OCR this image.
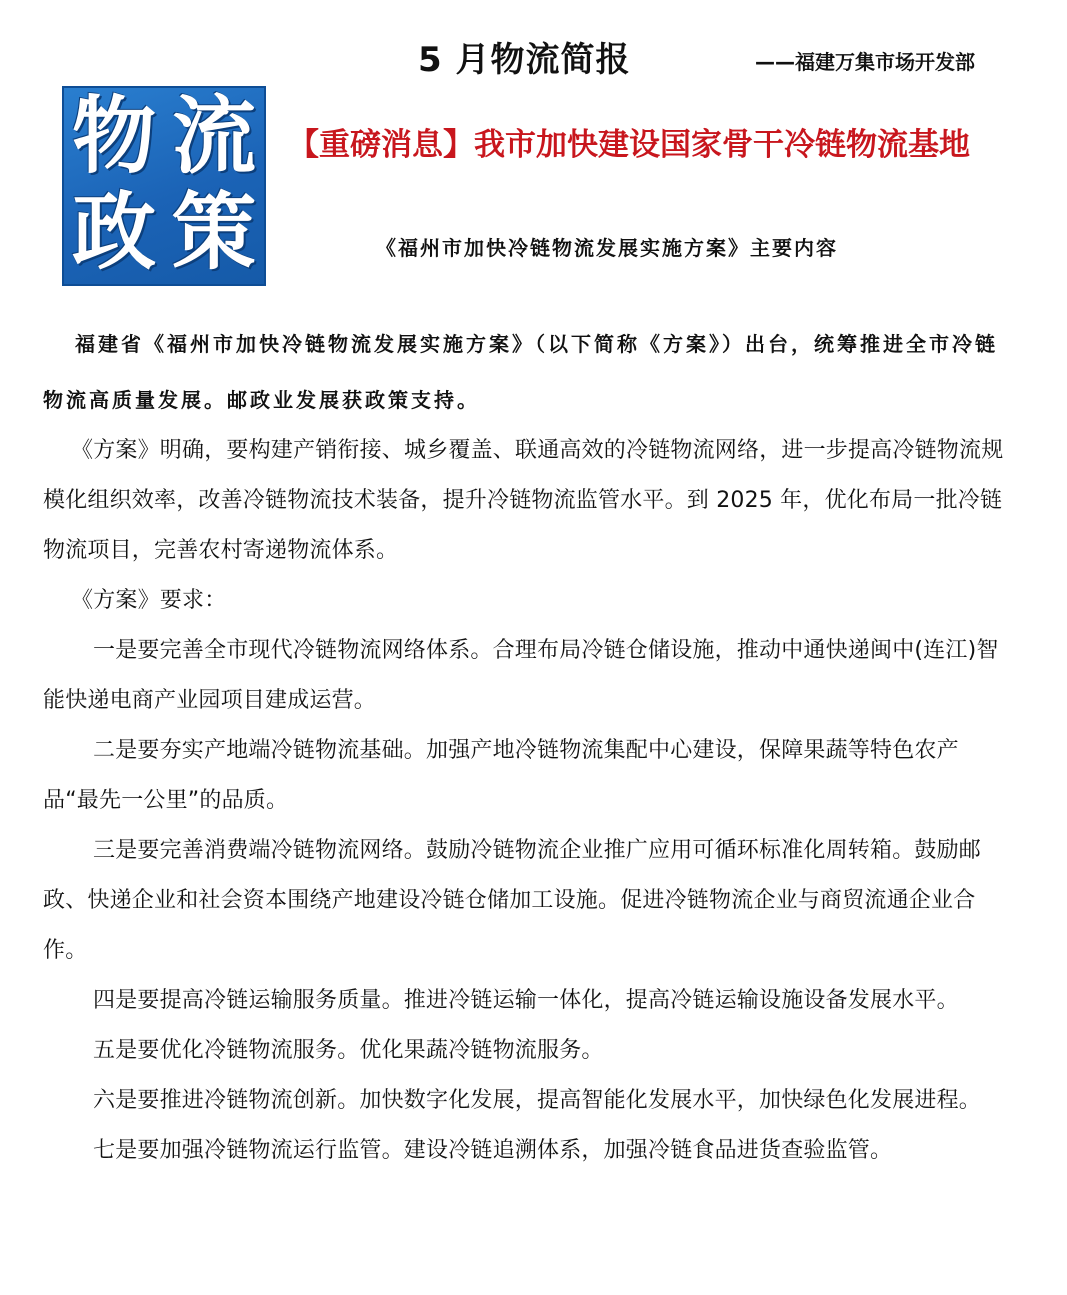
5 月物流简报	——福建万集市场开发部
物 流
政 策
【重磅消息】我市加快建设国家骨干冷链物流基地
《福州市加快冷链物流发展实施方案》主要内容

福建省《福州市加快冷链物流发展实施方案》（以下简称《方案》）出台，统筹推进全市冷链物流高质量发展。邮政业发展获政策支持。

《方案》明确，要构建产销衔接、城乡覆盖、联通高效的冷链物流网络，进一步提高冷链物流规模化组织效率，改善冷链物流技术装备，提升冷链物流监管水平。到 2025 年，优化布局一批冷链物流项目，完善农村寄递物流体系。

《方案》要求：

一是要完善全市现代冷链物流网络体系。合理布局冷链仓储设施，推动中通快递闽中(连江)智能快递电商产业园项目建成运营。

二是要夯实产地端冷链物流基础。加强产地冷链物流集配中心建设，保障果蔬等特色农产品“最先一公里”的品质。

三是要完善消费端冷链物流网络。鼓励冷链物流企业推广应用可循环标准化周转箱。鼓励邮政、快递企业和社会资本围绕产地建设冷链仓储加工设施。促进冷链物流企业与商贸流通企业合作。

四是要提高冷链运输服务质量。推进冷链运输一体化，提高冷链运输设施设备发展水平。

五是要优化冷链物流服务。优化果蔬冷链物流服务。

六是要推进冷链物流创新。加快数字化发展，提高智能化发展水平，加快绿色化发展进程。

七是要加强冷链物流运行监管。建设冷链追溯体系，加强冷链食品进货查验监管。
